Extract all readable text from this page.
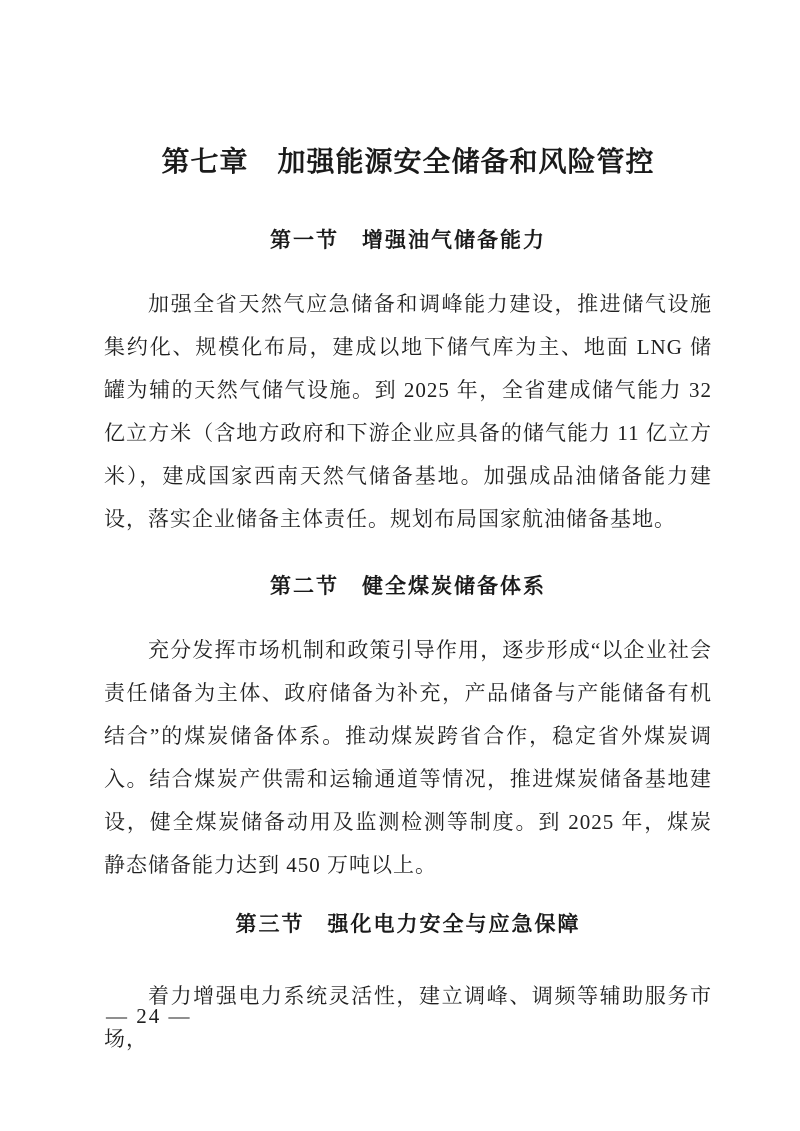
第七章　加强能源安全储备和风险管控
第一节　增强油气储备能力

加强全省天然气应急储备和调峰能力建设，推进储气设施集约化、规模化布局，建成以地下储气库为主、地面 LNG 储罐为辅的天然气储气设施。到 2025 年，全省建成储气能力 32 亿立方米（含地方政府和下游企业应具备的储气能力 11 亿立方米），建成国家西南天然气储备基地。加强成品油储备能力建设，落实企业储备主体责任。规划布局国家航油储备基地。

第二节　健全煤炭储备体系

充分发挥市场机制和政策引导作用，逐步形成“以企业社会责任储备为主体、政府储备为补充，产品储备与产能储备有机结合”的煤炭储备体系。推动煤炭跨省合作，稳定省外煤炭调入。结合煤炭产供需和运输通道等情况，推进煤炭储备基地建设，健全煤炭储备动用及监测检测等制度。到 2025 年，煤炭静态储备能力达到 450 万吨以上。

第三节　强化电力安全与应急保障

着力增强电力系统灵活性，建立调峰、调频等辅助服务市场，

— 24 —
